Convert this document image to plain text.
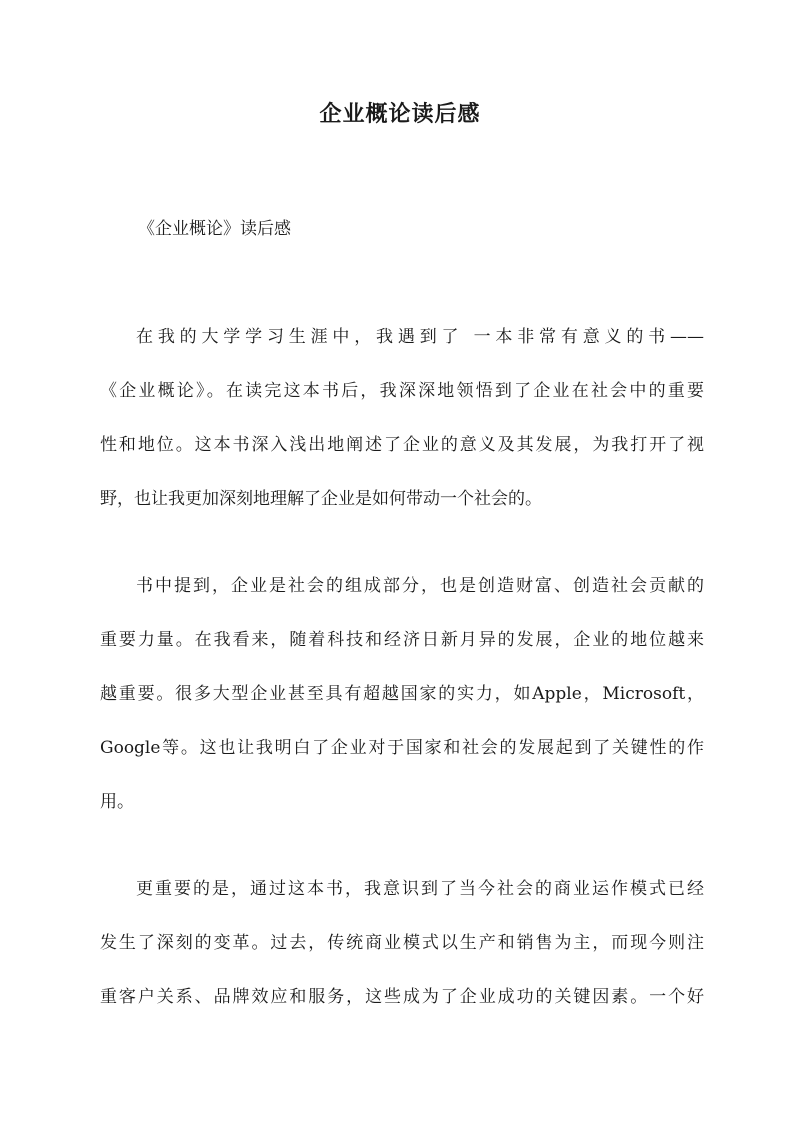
企业概论读后感
《企业概论》读后感
在我的大学学习生涯中，我遇到了 一本非常有意义的书——
《企业概论》。在读完这本书后，我深深地领悟到了企业在社会中的重要
性和地位。这本书深入浅出地阐述了企业的意义及其发展，为我打开了视
野，也让我更加深刻地理解了企业是如何带动一个社会的。
书中提到，企业是社会的组成部分，也是创造财富、创造社会贡献的
重要力量。在我看来，随着科技和经济日新月异的发展，企业的地位越来
越重要。很多大型企业甚至具有超越国家的实力，如Apple，Microsoft，
Google等。这也让我明白了企业对于国家和社会的发展起到了关键性的作
用。
更重要的是，通过这本书，我意识到了当今社会的商业运作模式已经
发生了深刻的变革。过去，传统商业模式以生产和销售为主，而现今则注
重客户关系、品牌效应和服务，这些成为了企业成功的关键因素。一个好
